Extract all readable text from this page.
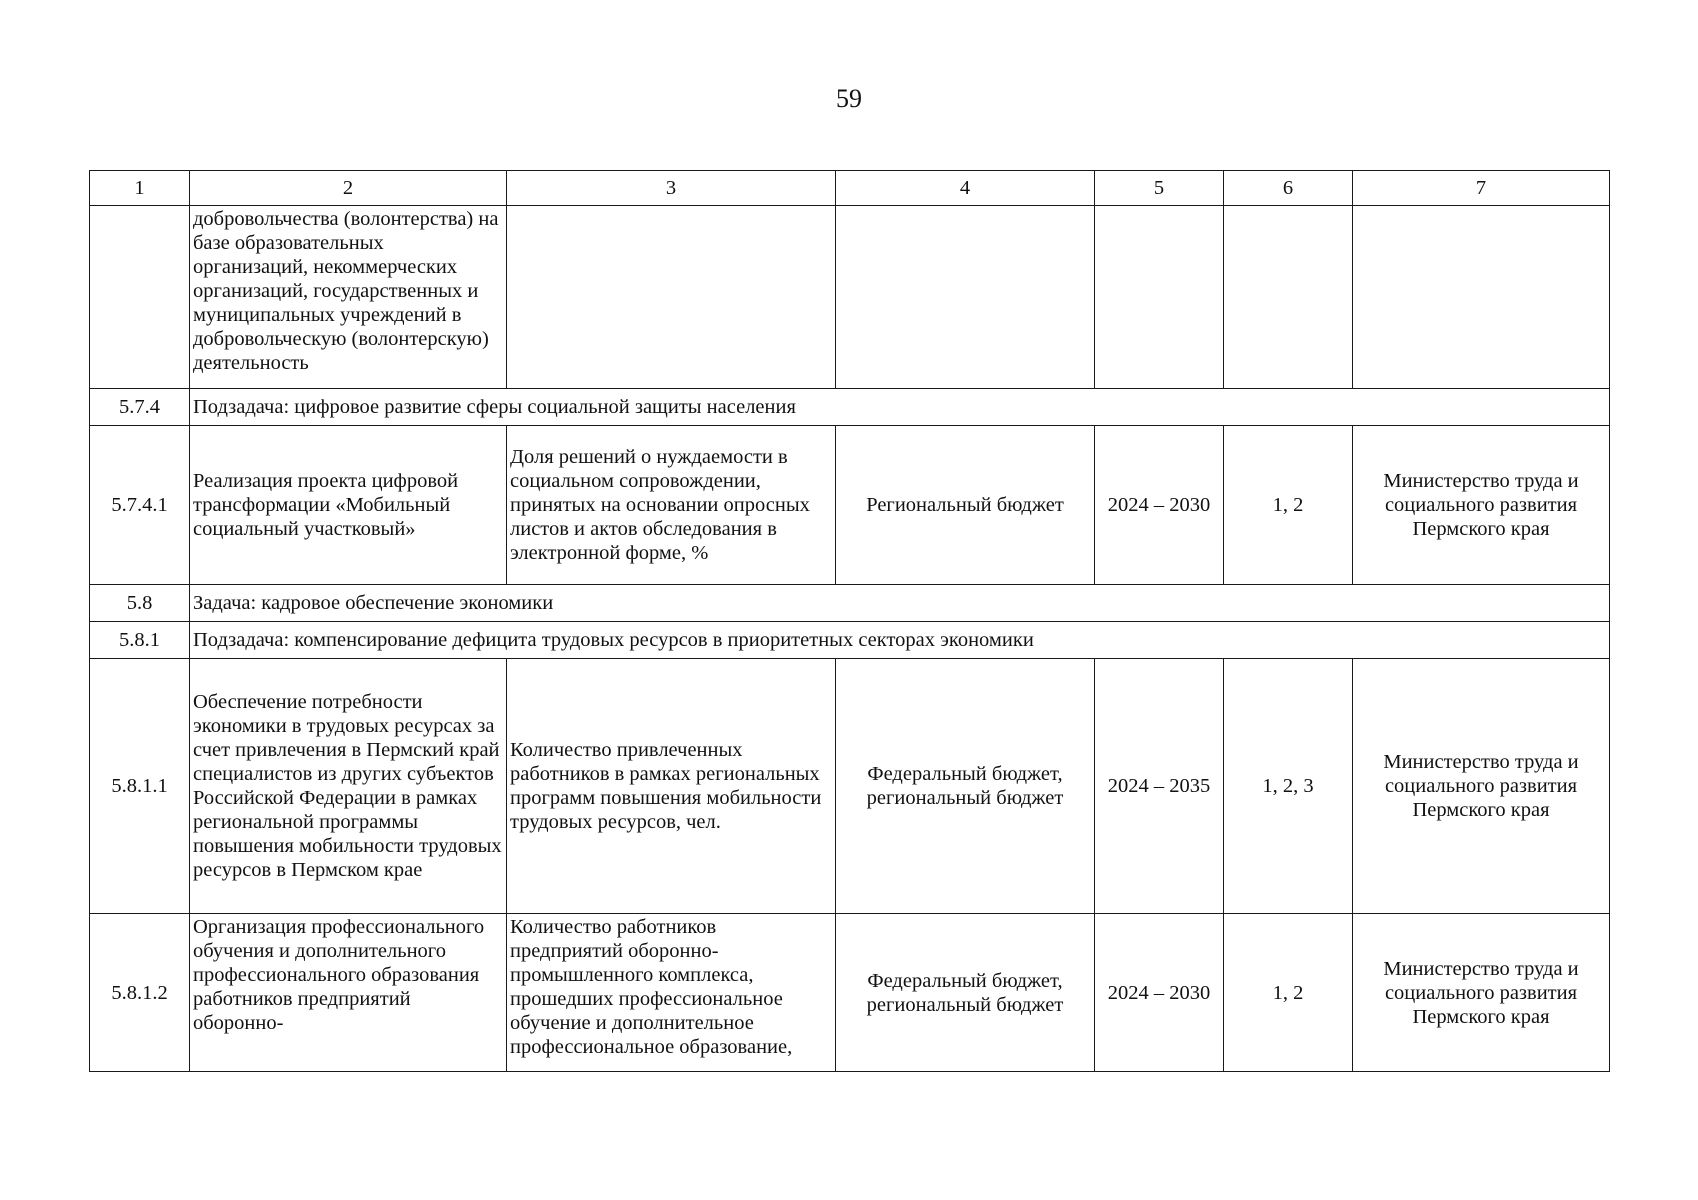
59
1	2	3	4	5	6	7
	добровольчества (волонтерства) на базе образовательных организаций, некоммерческих организаций, государственных и муниципальных учреждений в добровольческую (волонтерскую) деятельность					
5.7.4	Подзадача: цифровое развитие сферы социальной защиты населения					
5.7.4.1	Реализация проекта цифровой трансформации «Мобильный социальный участковый»	Доля решений о нуждаемости в социальном сопровождении, принятых на основании опросных листов и актов обследования в электронной форме, %	Региональный бюджет	2024 – 2030	1, 2	Министерство труда и социального развития Пермского края
5.8	Задача: кадровое обеспечение экономики					
5.8.1	Подзадача: компенсирование дефицита трудовых ресурсов в приоритетных секторах экономики					
5.8.1.1	Обеспечение потребности экономики в трудовых ресурсах за счет привлечения в Пермский край специалистов из других субъектов Российской Федерации в рамках региональной программы повышения мобильности трудовых ресурсов в Пермском крае	Количество привлеченных работников в рамках региональных программ повышения мобильности трудовых ресурсов, чел.	Федеральный бюджет, региональный бюджет	2024 – 2035	1, 2, 3	Министерство труда и социального развития Пермского края
5.8.1.2	Организация профессионального обучения и дополнительного профессионального образования работников предприятий оборонно-	Количество работников предприятий оборонно-промышленного комплекса, прошедших профессиональное обучение и дополнительное профессиональное образование,	Федеральный бюджет, региональный бюджет	2024 – 2030	1, 2	Министерство труда и социального развития Пермского края
